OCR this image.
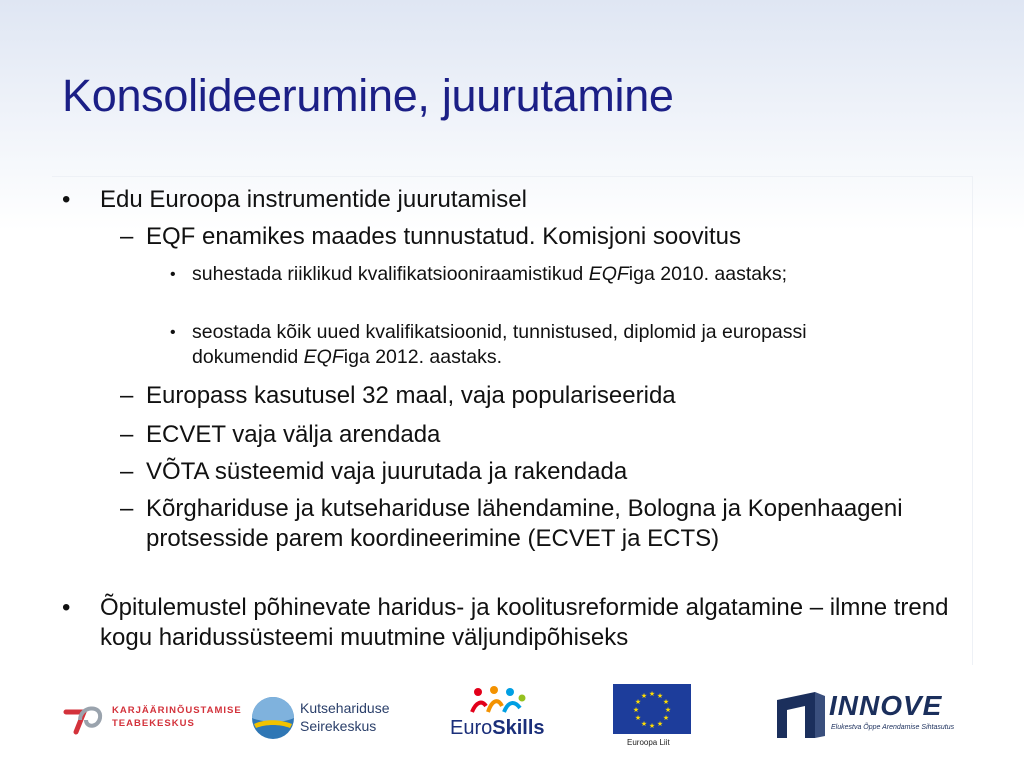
Konsolideerumine, juurutamine
• Edu Euroopa instrumentide juurutamisel
– EQF enamikes maades tunnustatud. Komisjoni soovitus
• suhestada riiklikud kvalifikatsiooniraamistikud EQFiga 2010. aastaks;
• seostada kõik uued kvalifikatsioonid, tunnistused, diplomid ja europassi dokumendid EQFiga 2012. aastaks.
– Europass kasutusel 32 maal, vaja populariseerida
– ECVET vaja välja arendada
– VÕTA süsteemid vaja juurutada ja rakendada
– Kõrghariduse ja kutsehariduse lähendamine, Bologna ja Kopenhaageni protsesside parem koordineerimine (ECVET ja ECTS)
• Õpitulemustel põhinevate haridus- ja koolitusreformide algatamine – ilmne trend kogu haridussüsteemi muutmine väljundipõhiseks
KARJÄÄRINÕUSTAMISE
TEABEKESKUS
Kutsehariduse
Seirekeskus	EuroSkills
★ ★
★
★
★
★
★
★
★
★
★
★
Euroopa Liit
INNOVE
Elukestva Õppe Arendamise Sihtasutus
